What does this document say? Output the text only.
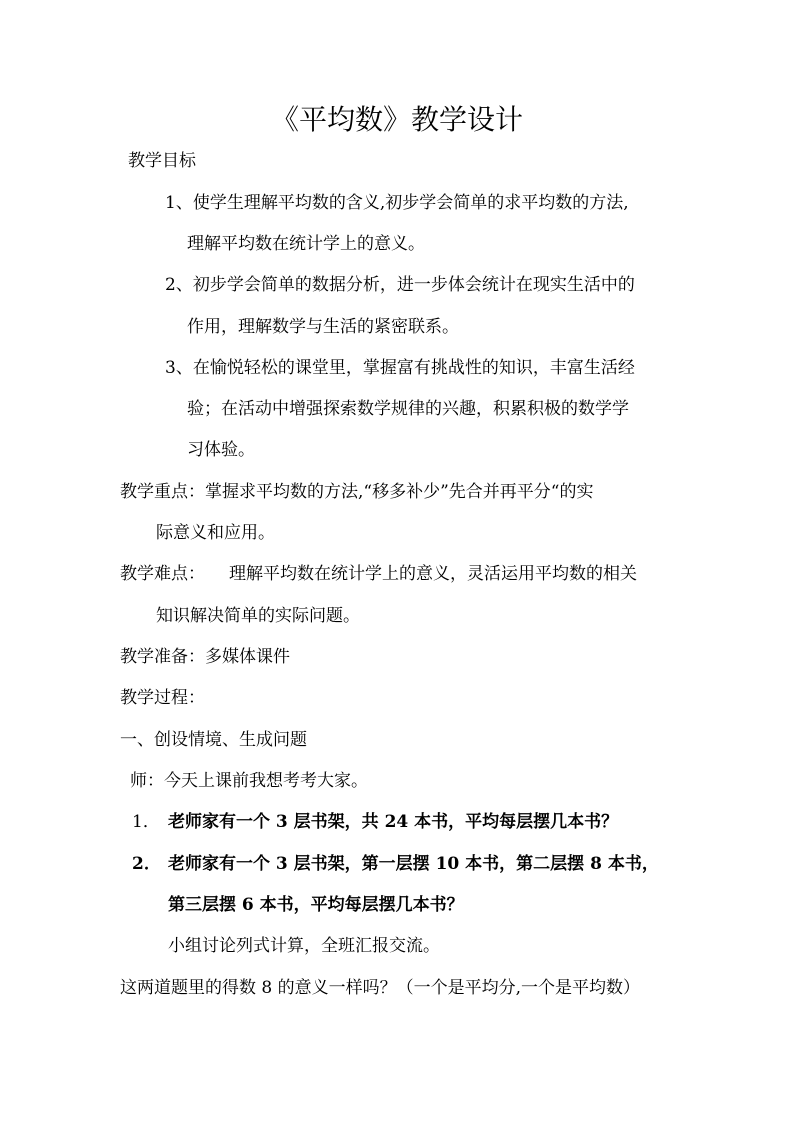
《平均数》教学设计
教学目标
1、使学生理解平均数的含义,初步学会简单的求平均数的方法,
理解平均数在统计学上的意义。
2、初步学会简单的数据分析，进一步体会统计在现实生活中的
作用，理解数学与生活的紧密联系。
3、在愉悦轻松的课堂里，掌握富有挑战性的知识，丰富生活经
验；在活动中增强探索数学规律的兴趣，积累积极的数学学
习体验。
教学重点：掌握求平均数的方法,“移多补少”先合并再平分“的实
际意义和应用。
教学难点： 理解平均数在统计学上的意义，灵活运用平均数的相关
知识解决简单的实际问题。
教学准备：多媒体课件
教学过程：
一、创设情境、生成问题
师：今天上课前我想考考大家。
1． 老师家有一个 3 层书架，共 24 本书，平均每层摆几本书？
2． 老师家有一个 3 层书架，第一层摆 10 本书，第二层摆 8 本书，
第三层摆 6 本书，平均每层摆几本书？
小组讨论列式计算，全班汇报交流。
这两道题里的得数 8 的意义一样吗？（一个是平均分,一个是平均数）
